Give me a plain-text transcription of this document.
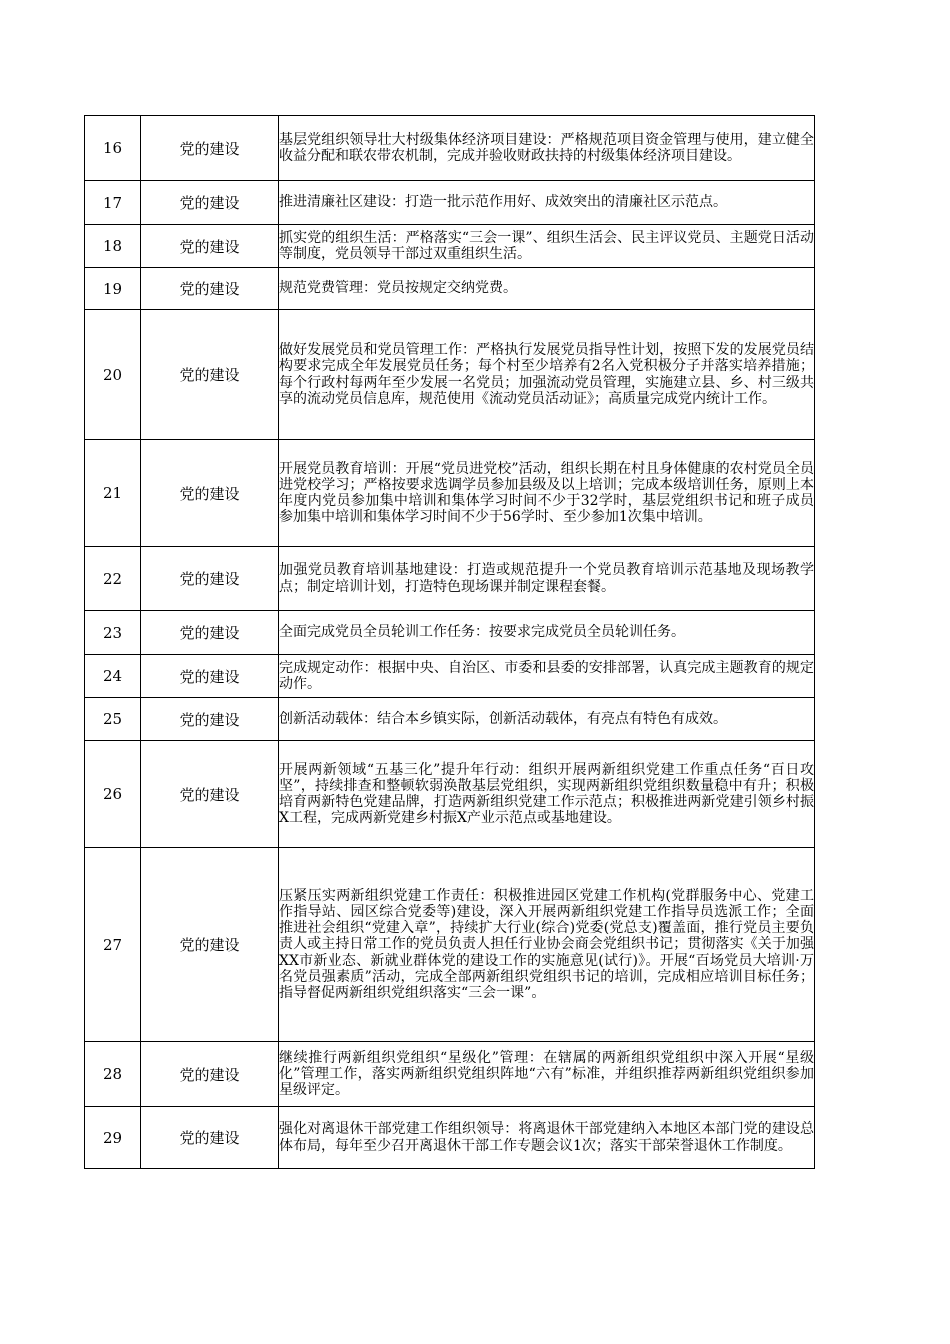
16	党的建设	基层党组织领导壮大村级集体经济项目建设：严格规范项目资金管理与使用，建立健全收益分配和联农带农机制，完成并验收财政扶持的村级集体经济项目建设。
17	党的建设	推进清廉社区建设：打造一批示范作用好、成效突出的清廉社区示范点。
18	党的建设	抓实党的组织生活：严格落实“三会一课”、组织生活会、民主评议党员、主题党日活动等制度，党员领导干部过双重组织生活。
19	党的建设	规范党费管理：党员按规定交纳党费。
20	党的建设	做好发展党员和党员管理工作：严格执行发展党员指导性计划，按照下发的发展党员结构要求完成全年发展党员任务；每个村至少培养有2名入党积极分子并落实培养措施；每个行政村每两年至少发展一名党员；加强流动党员管理，实施建立县、乡、村三级共享的流动党员信息库，规范使用《流动党员活动证》；高质量完成党内统计工作。
21	党的建设	开展党员教育培训：开展“党员进党校”活动，组织长期在村且身体健康的农村党员全员进党校学习；严格按要求选调学员参加县级及以上培训；完成本级培训任务，原则上本年度内党员参加集中培训和集体学习时间不少于32学时，基层党组织书记和班子成员参加集中培训和集体学习时间不少于56学时、至少参加1次集中培训。
22	党的建设	加强党员教育培训基地建设：打造或规范提升一个党员教育培训示范基地及现场教学点；制定培训计划，打造特色现场课并制定课程套餐。
23	党的建设	全面完成党员全员轮训工作任务：按要求完成党员全员轮训任务。
24	党的建设	完成规定动作：根据中央、自治区、市委和县委的安排部署，认真完成主题教育的规定动作。
25	党的建设	创新活动载体：结合本乡镇实际，创新活动载体，有亮点有特色有成效。
26	党的建设	开展两新领域“五基三化”提升年行动：组织开展两新组织党建工作重点任务“百日攻坚”，持续排查和整顿软弱涣散基层党组织，实现两新组织党组织数量稳中有升；积极培育两新特色党建品牌，打造两新组织党建工作示范点；积极推进两新党建引领乡村振X工程，完成两新党建乡村振X产业示范点或基地建设。
27	党的建设	压紧压实两新组织党建工作责任：积极推进园区党建工作机构(党群服务中心、党建工作指导站、园区综合党委等)建设，深入开展两新组织党建工作指导员选派工作；全面推进社会组织“党建入章”，持续扩大行业(综合)党委(党总支)覆盖面，推行党员主要负责人或主持日常工作的党员负责人担任行业协会商会党组织书记；贯彻落实《关于加强XX市新业态、新就业群体党的建设工作的实施意见(试行)》。开展“百场党员大培训·万名党员强素质”活动，完成全部两新组织党组织书记的培训，完成相应培训目标任务；指导督促两新组织党组织落实“三会一课”。
28	党的建设	继续推行两新组织党组织“星级化”管理：在辖属的两新组织党组织中深入开展“星级化”管理工作，落实两新组织党组织阵地“六有”标准，并组织推荐两新组织党组织参加星级评定。
29	党的建设	强化对离退休干部党建工作组织领导：将离退休干部党建纳入本地区本部门党的建设总体布局，每年至少召开离退休干部工作专题会议1次；落实干部荣誉退休工作制度。
